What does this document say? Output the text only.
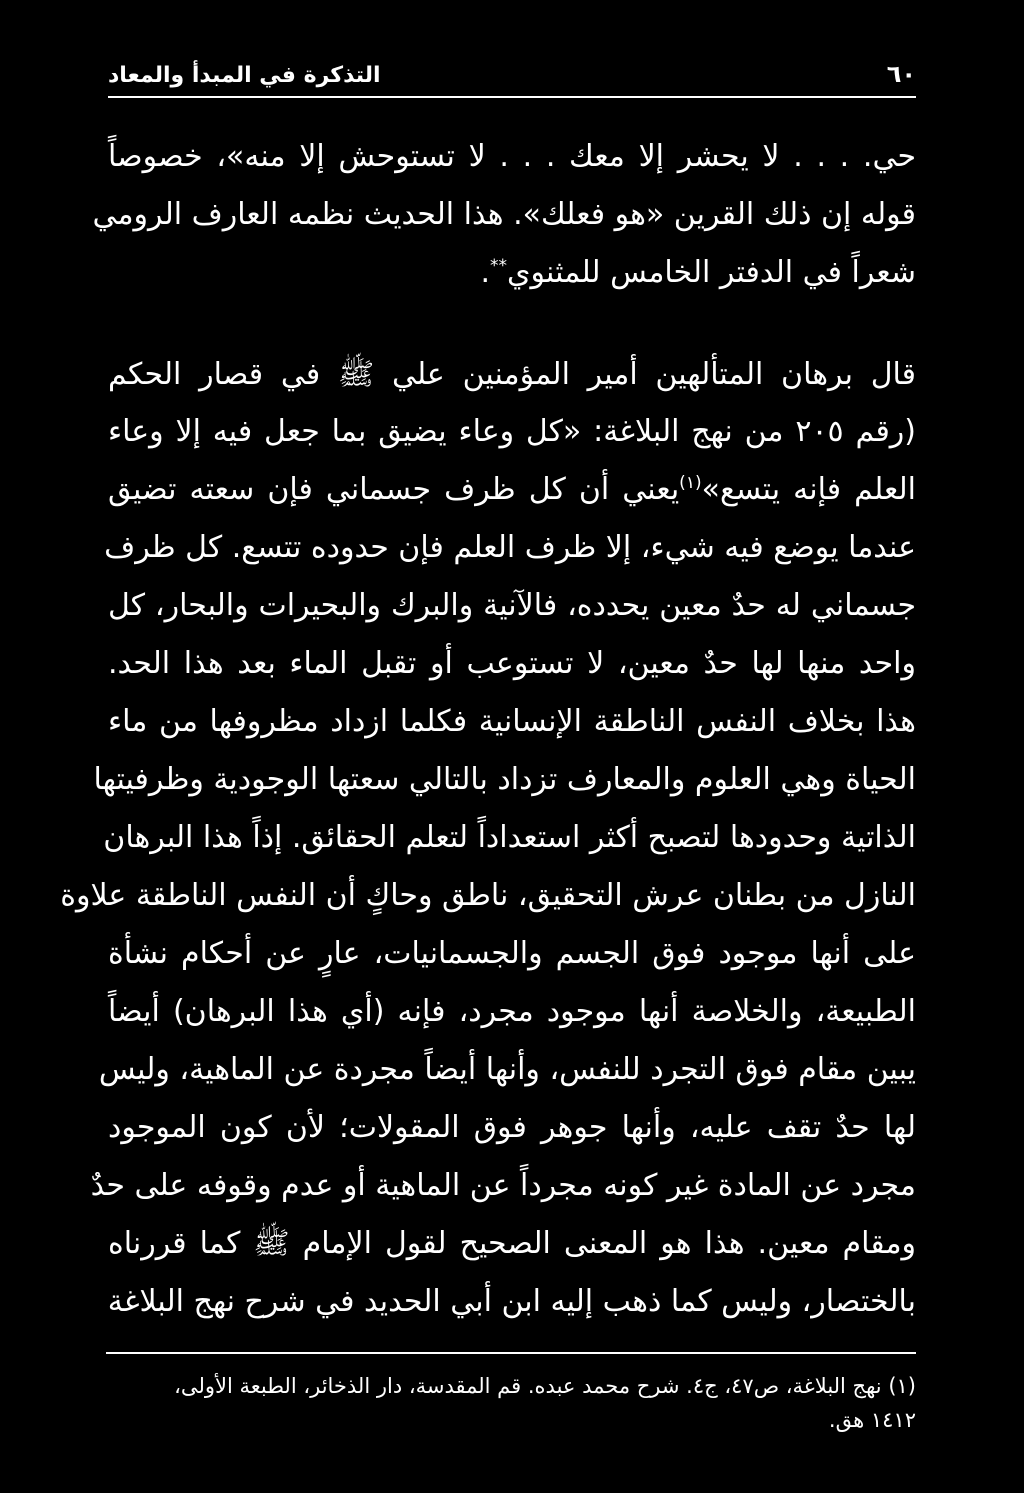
٦٠
التذكرة في المبدأ والمعاد
حي. . . . لا يحشر إلا معك . . . لا تستوحش إلا منه»، خصوصاً
قوله إن ذلك القرين «هو فعلك». هذا الحديث نظمه العارف الرومي
شعراً في الدفتر الخامس للمثنوي**.
قال برهان المتألهين أمير المؤمنين علي ﷺ في قصار الحكم
(رقم ٢٠٥ من نهج البلاغة: «كل وعاء يضيق بما جعل فيه إلا وعاء
العلم فإنه يتسع»$^{(١)}$يعني أن كل ظرف جسماني فإن سعته تضيق
عندما يوضع فيه شيء، إلا ظرف العلم فإن حدوده تتسع. كل ظرف
جسماني له حدٌ معين يحدده، فالآنية والبرك والبحيرات والبحار، كل
واحد منها لها حدٌ معين، لا تستوعب أو تقبل الماء بعد هذا الحد.
هذا بخلاف النفس الناطقة الإنسانية فكلما ازداد مظروفها من ماء
الحياة وهي العلوم والمعارف تزداد بالتالي سعتها الوجودية وظرفيتها
الذاتية وحدودها لتصبح أكثر استعداداً لتعلم الحقائق. إذاً هذا البرهان
النازل من بطنان عرش التحقيق، ناطق وحاكٍ أن النفس الناطقة علاوة
على أنها موجود فوق الجسم والجسمانيات، عارٍ عن أحكام نشأة
الطبيعة، والخلاصة أنها موجود مجرد، فإنه (أي هذا البرهان) أيضاً
يبين مقام فوق التجرد للنفس، وأنها أيضاً مجردة عن الماهية، وليس
لها حدٌ تقف عليه، وأنها جوهر فوق المقولات؛ لأن كون الموجود
مجرد عن المادة غير كونه مجرداً عن الماهية أو عدم وقوفه على حدٌ
ومقام معين. هذا هو المعنى الصحيح لقول الإمام ﷺ كما قررناه
بالختصار، وليس كما ذهب إليه ابن أبي الحديد في شرح نهج البلاغة
(١) نهج البلاغة، ص٤٧، ج٤. شرح محمد عبده. قم المقدسة، دار الذخائر، الطبعة الأولى،
١٤١٢ هق.
